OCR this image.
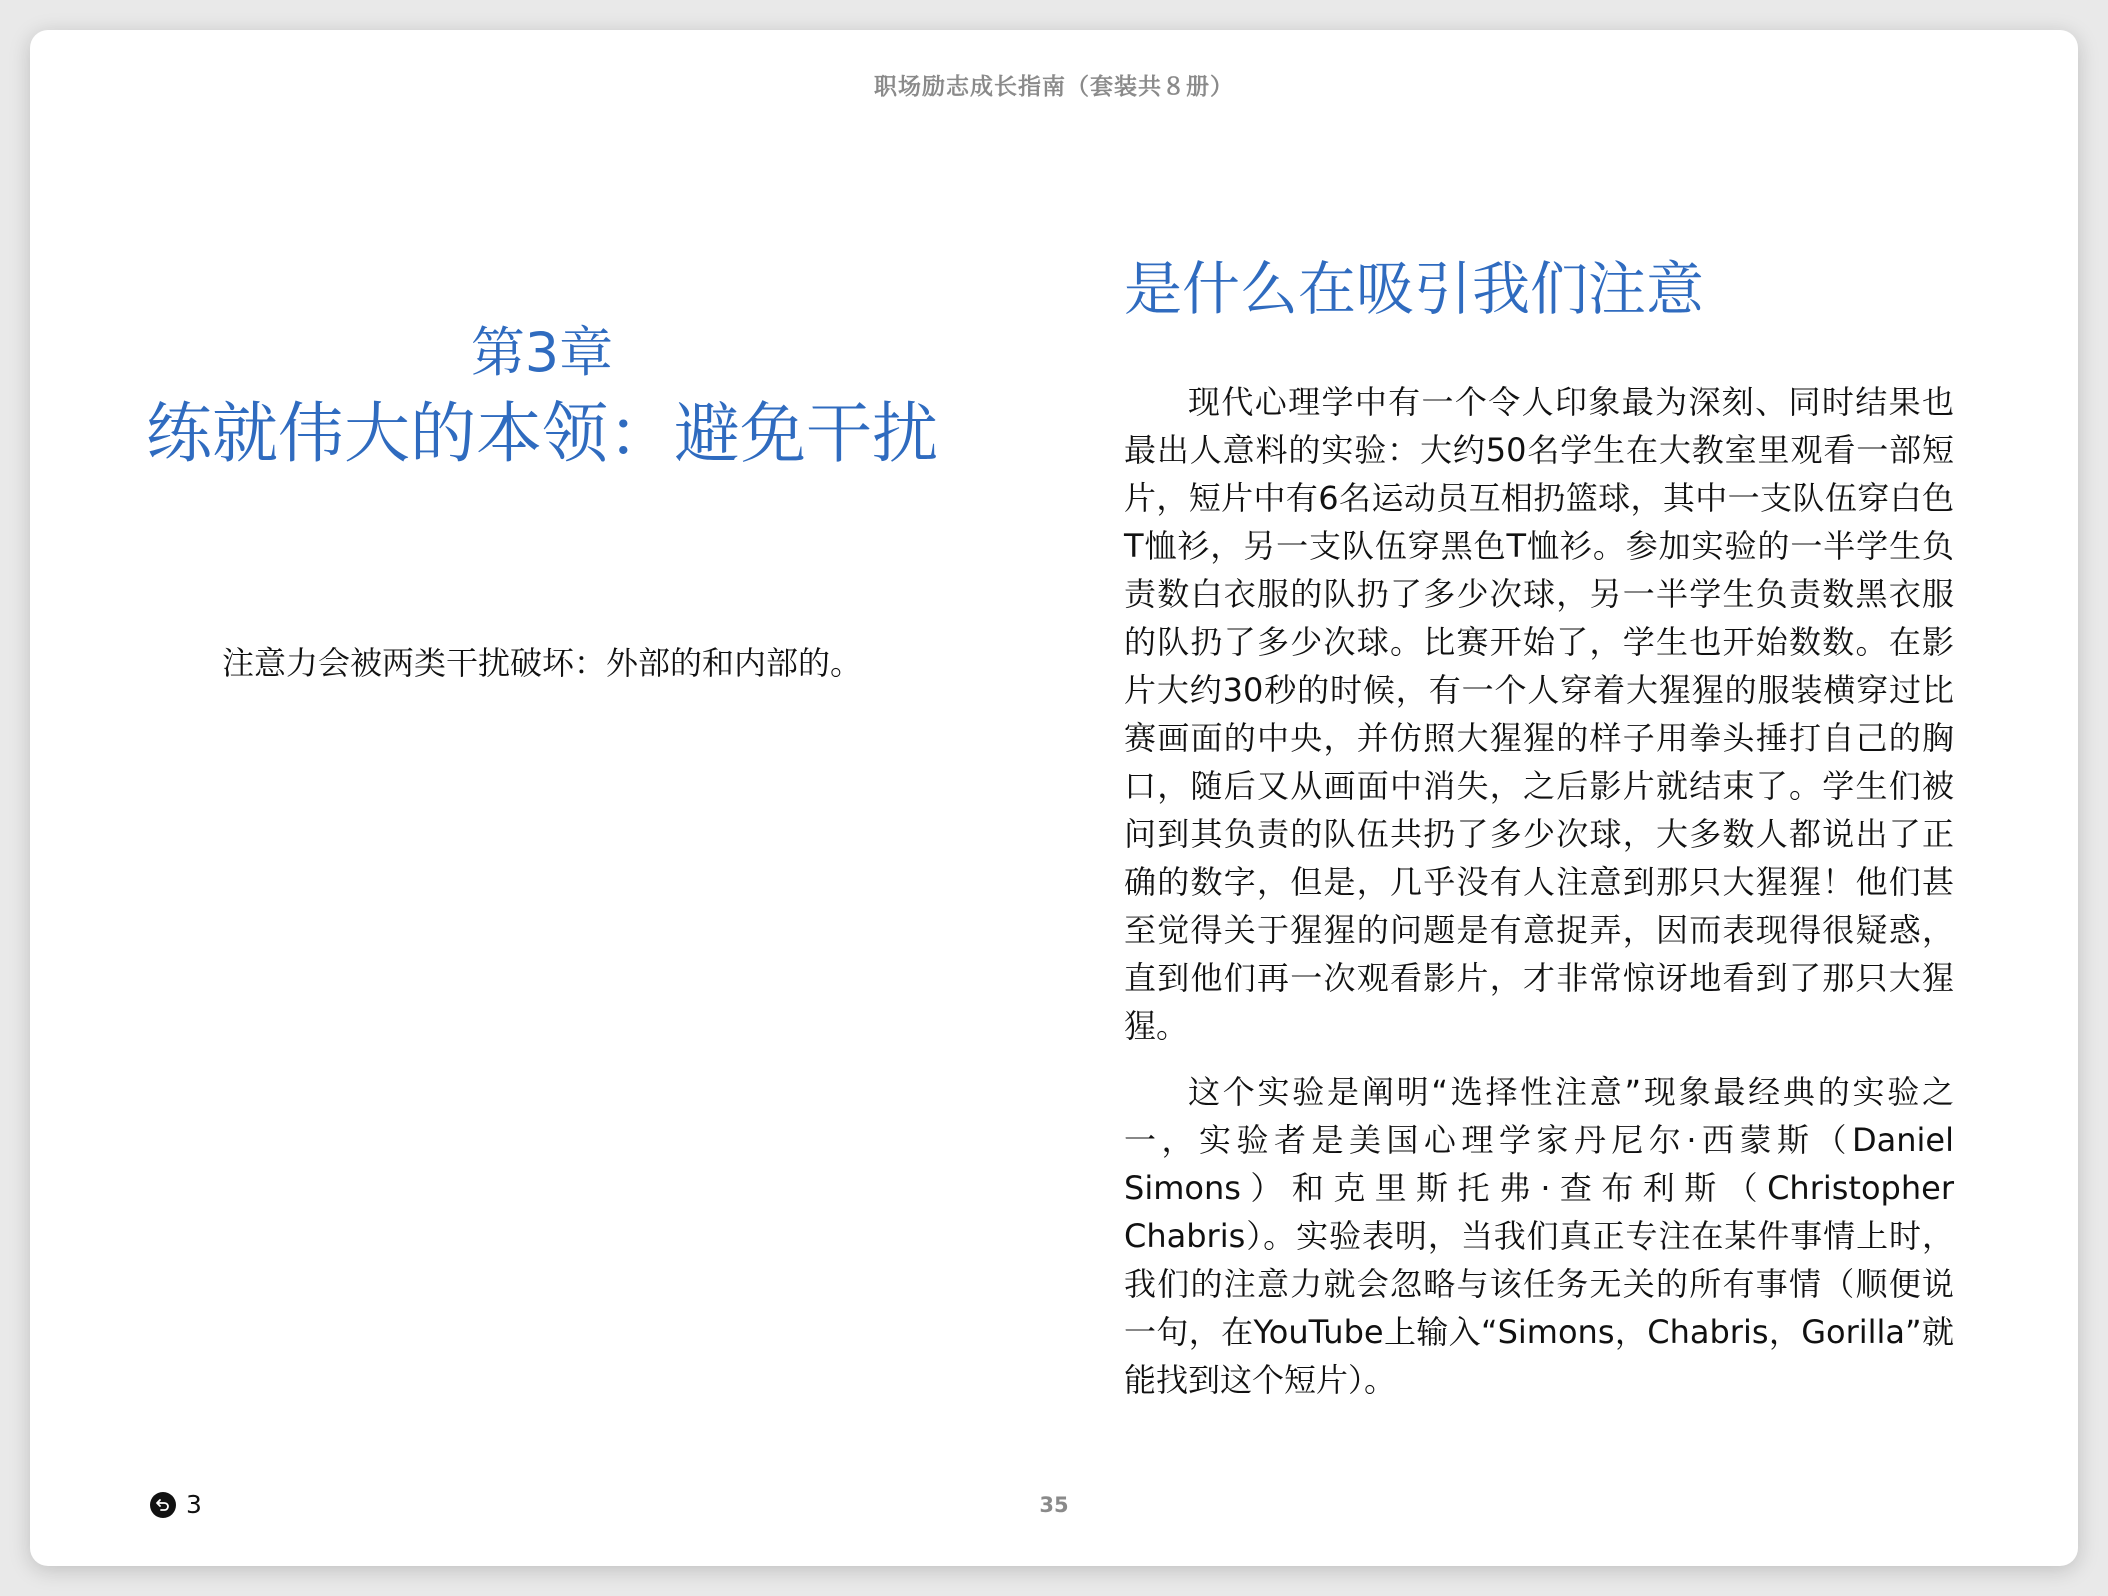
职场励志成长指南（套装共８册）
第3章
练就伟大的本领：避免干扰
注意力会被两类干扰破坏：外部的和内部的。
是什么在吸引我们注意

现代心理学中有一个令人印象最为深刻、同时结果也最出人意料的实验：大约50名学生在大教室里观看一部短片，短片中有6名运动员互相扔篮球，其中一支队伍穿白色T恤衫，另一支队伍穿黑色T恤衫。参加实验的一半学生负责数白衣服的队扔了多少次球，另一半学生负责数黑衣服的队扔了多少次球。比赛开始了，学生也开始数数。在影片大约30秒的时候，有一个人穿着大猩猩的服装横穿过比赛画面的中央，并仿照大猩猩的样子用拳头捶打自己的胸口，随后又从画面中消失，之后影片就结束了。学生们被问到其负责的队伍共扔了多少次球，大多数人都说出了正确的数字，但是，几乎没有人注意到那只大猩猩！他们甚至觉得关于猩猩的问题是有意捉弄，因而表现得很疑惑，直到他们再一次观看影片，才非常惊讶地看到了那只大猩猩。

这个实验是阐明“选择性注意”现象最经典的实验之一，实验者是美国心理学家丹尼尔·西蒙斯（Daniel Simons）和克里斯托弗·查布利斯（Christopher Chabris）。实验表明，当我们真正专注在某件事情上时，我们的注意力就会忽略与该任务无关的所有事情（顺便说一句，在YouTube上输入“Simons，Chabris，Gorilla”就能找到这个短片）。

3	35
